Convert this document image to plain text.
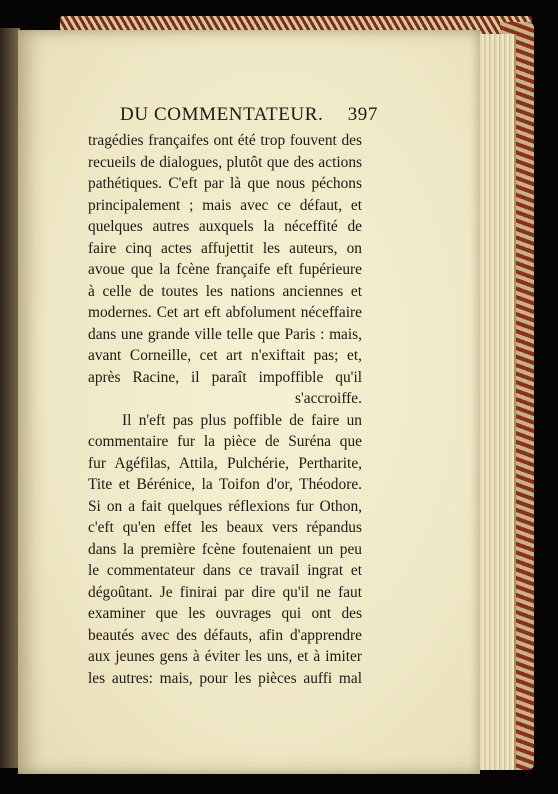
DU COMMENTATEUR. 397
tragédies françaifes ont été trop fouvent des
recueils de dialogues, plutôt que des actions
pathétiques. C'eft par là que nous péchons
principalement ; mais avec ce défaut, et
quelques autres auxquels la néceffité de
faire cinq actes affujettit les auteurs, on
avoue que la fcène françaife eft fupérieure
à celle de toutes les nations anciennes et
modernes. Cet art eft abfolument néceffaire
dans une grande ville telle que Paris : mais,
avant Corneille, cet art n'exiftait pas; et,
après Racine, il paraît impoffible qu'il
s'accroiffe.
Il n'eft pas plus poffible de faire un
commentaire fur la pièce de Suréna que
fur Agéfilas, Attila, Pulchérie, Pertharite,
Tite et Bérénice, la Toifon d'or, Théodore.
Si on a fait quelques réflexions fur Othon,
c'eft qu'en effet les beaux vers répandus
dans la première fcène foutenaient un peu
le commentateur dans ce travail ingrat et
dégoûtant. Je finirai par dire qu'il ne faut
examiner que les ouvrages qui ont des
beautés avec des défauts, afin d'apprendre
aux jeunes gens à éviter les uns, et à imiter
les autres: mais, pour les pièces auffi mal
